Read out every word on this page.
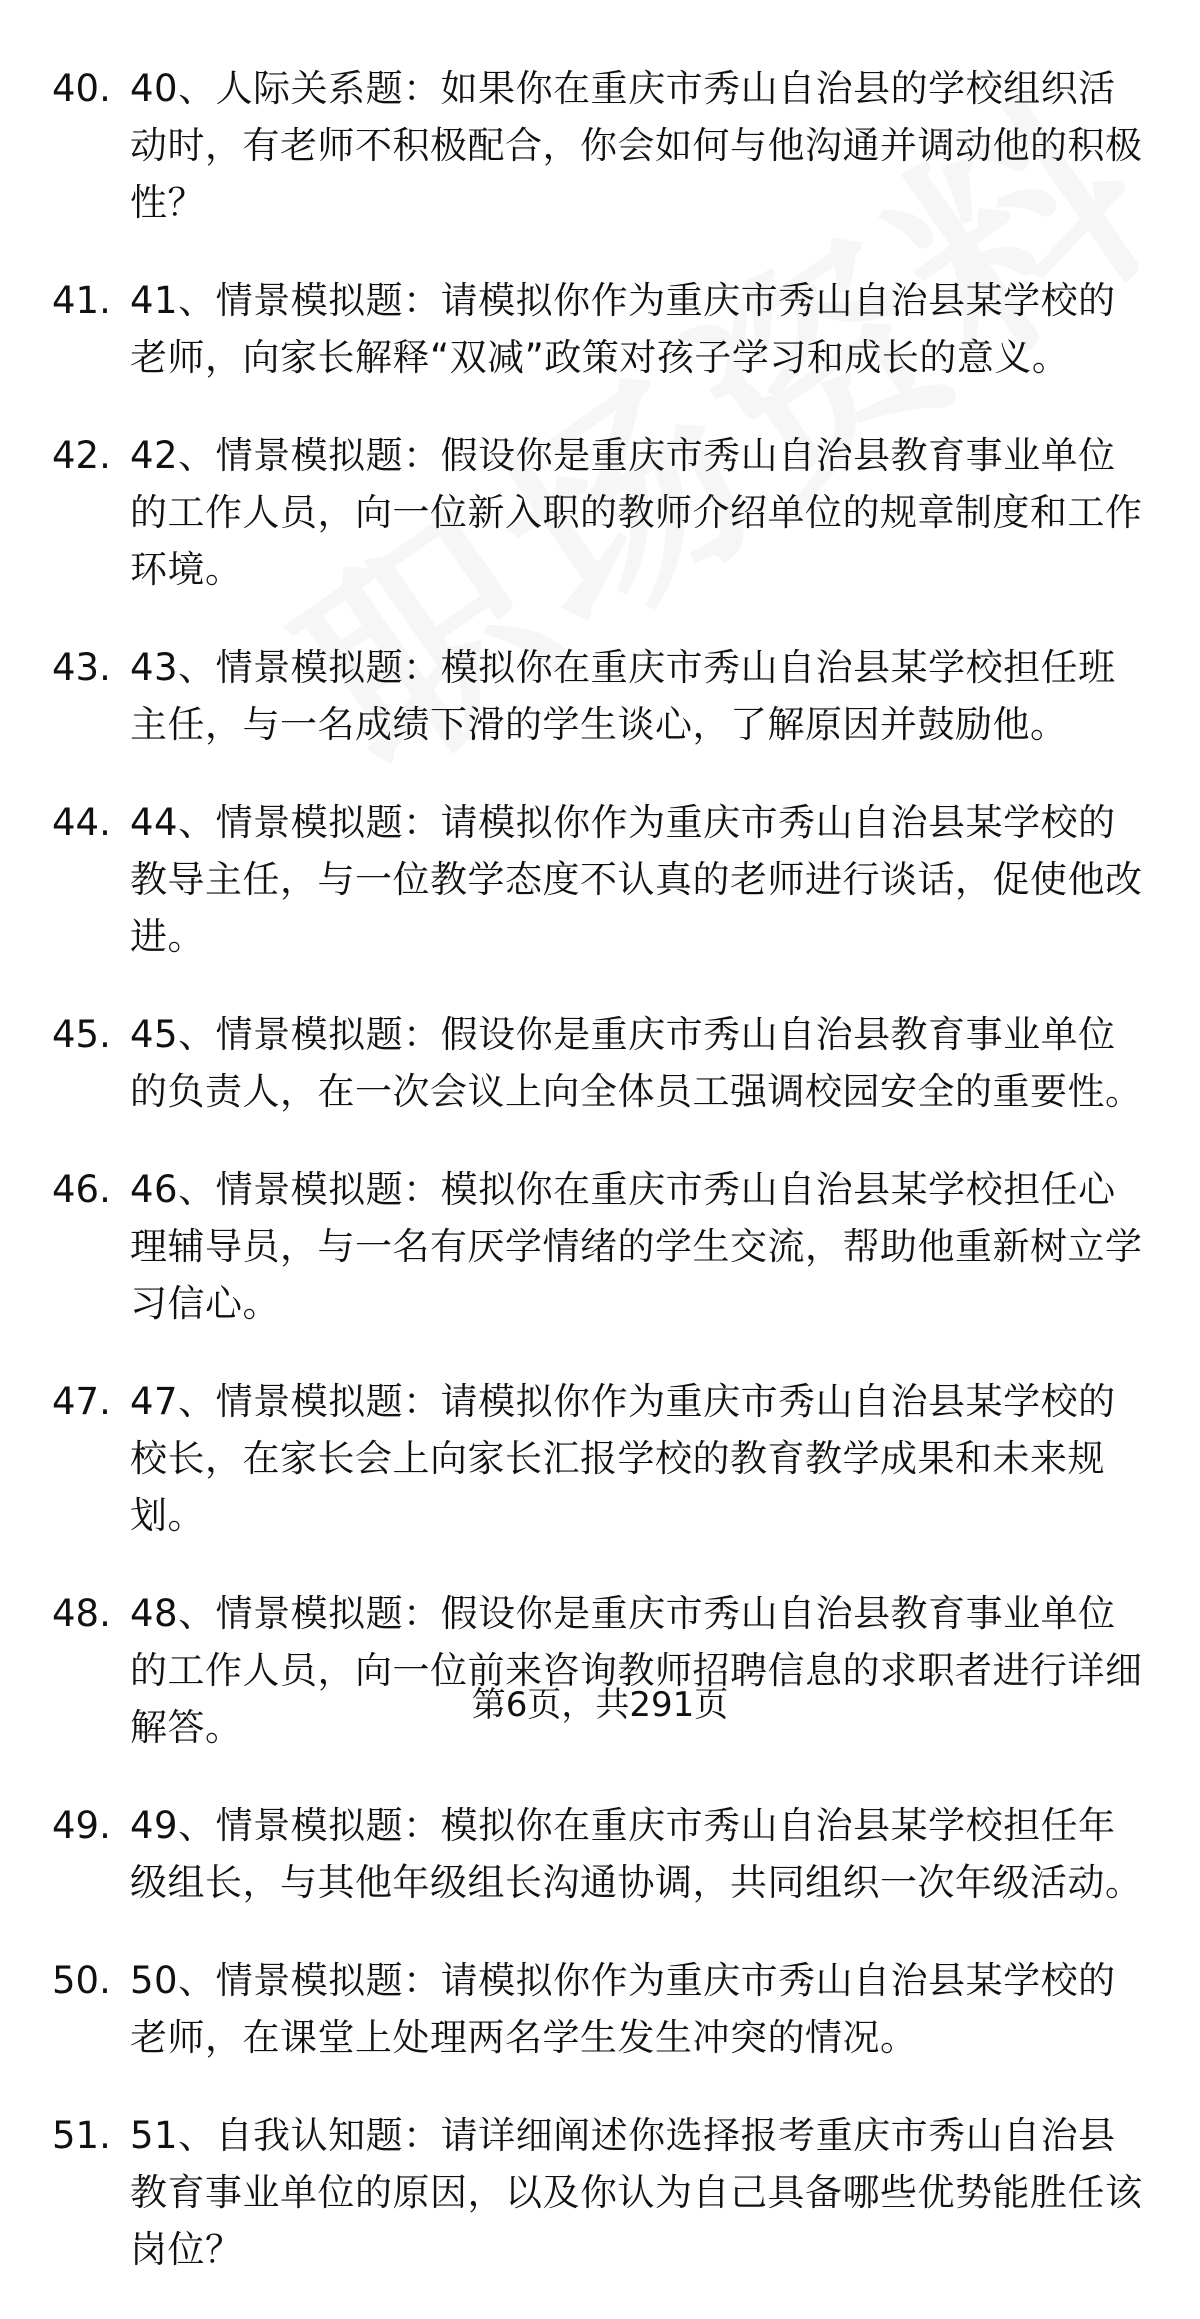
40. 40、人际关系题：如果你在重庆市秀山自治县的学校组织活动时，有老师不积极配合，你会如何与他沟通并调动他的积极性？
41. 41、情景模拟题：请模拟你作为重庆市秀山自治县某学校的老师，向家长解释“双减”政策对孩子学习和成长的意义。
42. 42、情景模拟题：假设你是重庆市秀山自治县教育事业单位的工作人员，向一位新入职的教师介绍单位的规章制度和工作环境。
43. 43、情景模拟题：模拟你在重庆市秀山自治县某学校担任班主任，与一名成绩下滑的学生谈心，了解原因并鼓励他。
44. 44、情景模拟题：请模拟你作为重庆市秀山自治县某学校的教导主任，与一位教学态度不认真的老师进行谈话，促使他改进。
45. 45、情景模拟题：假设你是重庆市秀山自治县教育事业单位的负责人，在一次会议上向全体员工强调校园安全的重要性。
46. 46、情景模拟题：模拟你在重庆市秀山自治县某学校担任心理辅导员，与一名有厌学情绪的学生交流，帮助他重新树立学习信心。
47. 47、情景模拟题：请模拟你作为重庆市秀山自治县某学校的校长，在家长会上向家长汇报学校的教育教学成果和未来规划。
48. 48、情景模拟题：假设你是重庆市秀山自治县教育事业单位的工作人员，向一位前来咨询教师招聘信息的求职者进行详细解答。
49. 49、情景模拟题：模拟你在重庆市秀山自治县某学校担任年级组长，与其他年级组长沟通协调，共同组织一次年级活动。
50. 50、情景模拟题：请模拟你作为重庆市秀山自治县某学校的老师，在课堂上处理两名学生发生冲突的情况。
51. 51、自我认知题：请详细阐述你选择报考重庆市秀山自治县教育事业单位的原因，以及你认为自己具备哪些优势能胜任该岗位？
第6页，共291页
